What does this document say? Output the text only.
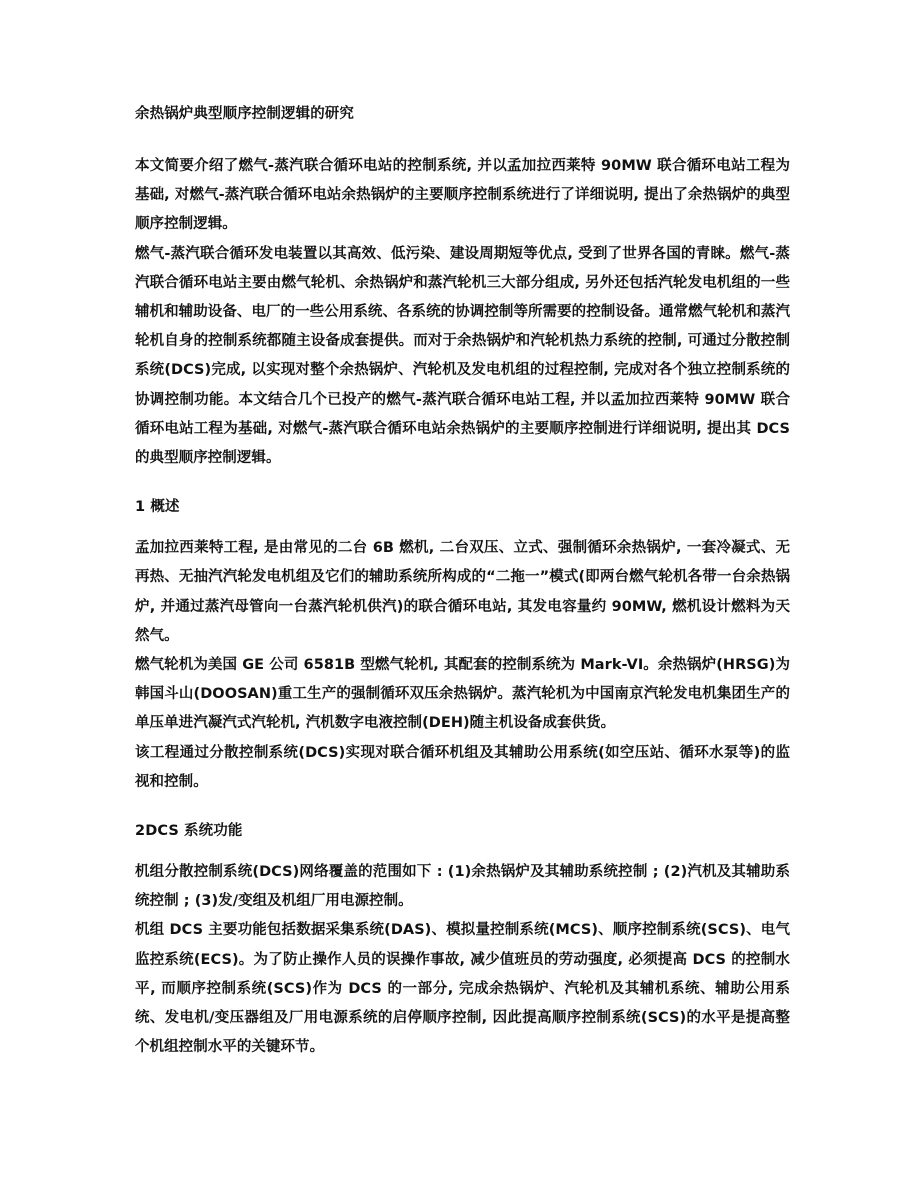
余热锅炉典型顺序控制逻辑的研究

本文简要介绍了燃气-蒸汽联合循环电站的控制系统, 并以孟加拉西莱特 90MW 联合循环电站工程为基础, 对燃气-蒸汽联合循环电站余热锅炉的主要顺序控制系统进行了详细说明, 提出了余热锅炉的典型顺序控制逻辑。

燃气-蒸汽联合循环发电装置以其高效、低污染、建设周期短等优点, 受到了世界各国的青睐。燃气-蒸汽联合循环电站主要由燃气轮机、余热锅炉和蒸汽轮机三大部分组成, 另外还包括汽轮发电机组的一些辅机和辅助设备、电厂的一些公用系统、各系统的协调控制等所需要的控制设备。通常燃气轮机和蒸汽轮机自身的控制系统都随主设备成套提供。而对于余热锅炉和汽轮机热力系统的控制, 可通过分散控制系统(DCS)完成, 以实现对整个余热锅炉、汽轮机及发电机组的过程控制, 完成对各个独立控制系统的协调控制功能。本文结合几个已投产的燃气-蒸汽联合循环电站工程, 并以孟加拉西莱特 90MW 联合循环电站工程为基础, 对燃气-蒸汽联合循环电站余热锅炉的主要顺序控制进行详细说明, 提出其 DCS 的典型顺序控制逻辑。

1 概述

孟加拉西莱特工程, 是由常见的二台 6B 燃机, 二台双压、立式、强制循环余热锅炉, 一套冷凝式、无再热、无抽汽汽轮发电机组及它们的辅助系统所构成的“二拖一”模式(即两台燃气轮机各带一台余热锅炉, 并通过蒸汽母管向一台蒸汽轮机供汽)的联合循环电站, 其发电容量约 90MW, 燃机设计燃料为天然气。

燃气轮机为美国 GE 公司 6581B 型燃气轮机, 其配套的控制系统为 Mark-VI。余热锅炉(HRSG)为韩国斗山(DOOSAN)重工生产的强制循环双压余热锅炉。蒸汽轮机为中国南京汽轮发电机集团生产的单压单进汽凝汽式汽轮机, 汽机数字电液控制(DEH)随主机设备成套供货。

该工程通过分散控制系统(DCS)实现对联合循环机组及其辅助公用系统(如空压站、循环水泵等)的监视和控制。

2DCS 系统功能

机组分散控制系统(DCS)网络覆盖的范围如下 : (1)余热锅炉及其辅助系统控制 ; (2)汽机及其辅助系统控制 ; (3)发/变组及机组厂用电源控制。

机组 DCS 主要功能包括数据采集系统(DAS)、模拟量控制系统(MCS)、顺序控制系统(SCS)、电气监控系统(ECS)。为了防止操作人员的误操作事故, 减少值班员的劳动强度, 必须提高 DCS 的控制水平, 而顺序控制系统(SCS)作为 DCS 的一部分, 完成余热锅炉、汽轮机及其辅机系统、辅助公用系统、发电机/变压器组及厂用电源系统的启停顺序控制, 因此提高顺序控制系统(SCS)的水平是提高整个机组控制水平的关键环节。
